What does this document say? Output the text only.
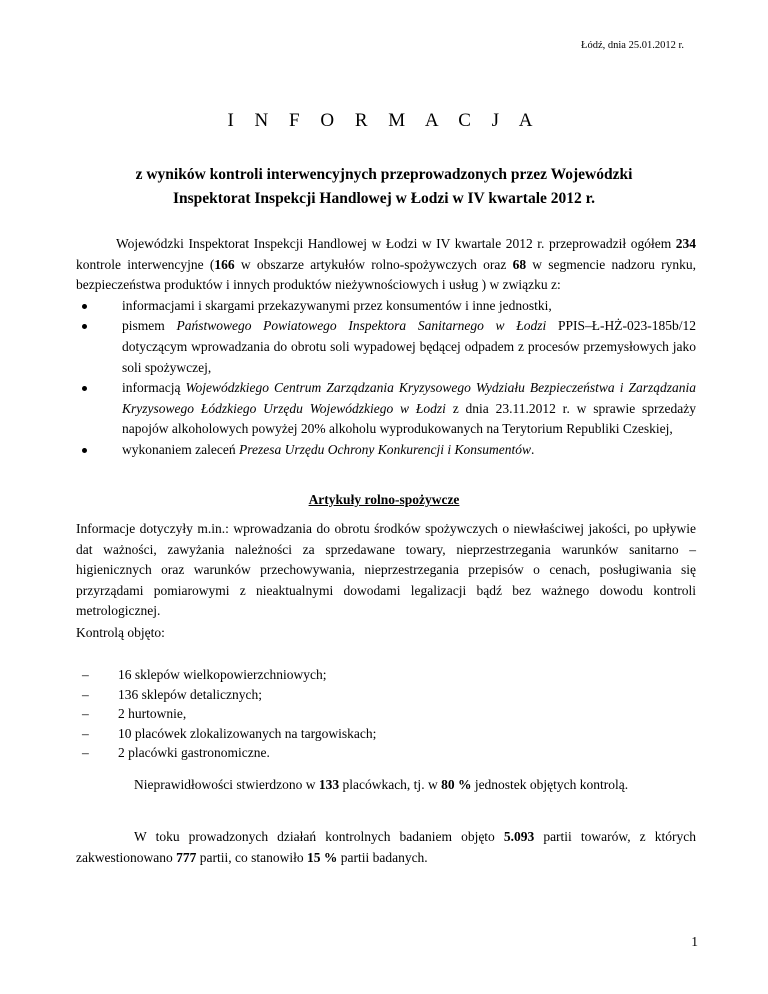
Łódź, dnia 25.01.2012 r.
I N F O R M A C J A
z wyników kontroli interwencyjnych przeprowadzonych przez Wojewódzki
Inspektorat Inspekcji Handlowej w Łodzi w IV kwartale 2012 r.

Wojewódzki Inspektorat Inspekcji Handlowej w Łodzi w IV kwartale 2012 r. przeprowadził ogółem 234 kontrole interwencyjne (166 w obszarze artykułów rolno-spożywczych oraz 68 w segmencie nadzoru rynku, bezpieczeństwa produktów i innych produktów nieżywnościowych i usług ) w związku z:

informacjami i skargami przekazywanymi przez konsumentów i inne jednostki,
pismem Państwowego Powiatowego Inspektora Sanitarnego w Łodzi PPIS–Ł-HŻ-023-185b/12 dotyczącym wprowadzania do obrotu soli wypadowej będącej odpadem z procesów przemysłowych jako soli spożywczej,
informacją Wojewódzkiego Centrum Zarządzania Kryzysowego Wydziału Bezpieczeństwa i Zarządzania Kryzysowego Łódzkiego Urzędu Wojewódzkiego w Łodzi z dnia 23.11.2012 r. w sprawie sprzedaży napojów alkoholowych powyżej 20% alkoholu wyprodukowanych na Terytorium Republiki Czeskiej,
wykonaniem zaleceń Prezesa Urzędu Ochrony Konkurencji i Konsumentów.
Artykuły rolno-spożywcze

Informacje dotyczyły m.in.: wprowadzania do obrotu środków spożywczych o niewłaściwej jakości, po upływie dat ważności, zawyżania należności za sprzedawane towary, nieprzestrzegania warunków sanitarno – higienicznych oraz warunków przechowywania, nieprzestrzegania przepisów o cenach, posługiwania się przyrządami pomiarowymi z nieaktualnymi dowodami legalizacji bądź bez ważnego dowodu kontroli metrologicznej.

Kontrolą objęto:
– 16 sklepów wielkopowierzchniowych;
– 136 sklepów detalicznych;
– 2 hurtownie,
– 10 placówek zlokalizowanych na targowiskach;
– 2 placówki gastronomiczne.

Nieprawidłowości stwierdzono w 133 placówkach, tj. w 80 % jednostek objętych kontrolą.

W toku prowadzonych działań kontrolnych badaniem objęto 5.093 partii towarów, z których zakwestionowano 777 partii, co stanowiło 15 % partii badanych.

1
